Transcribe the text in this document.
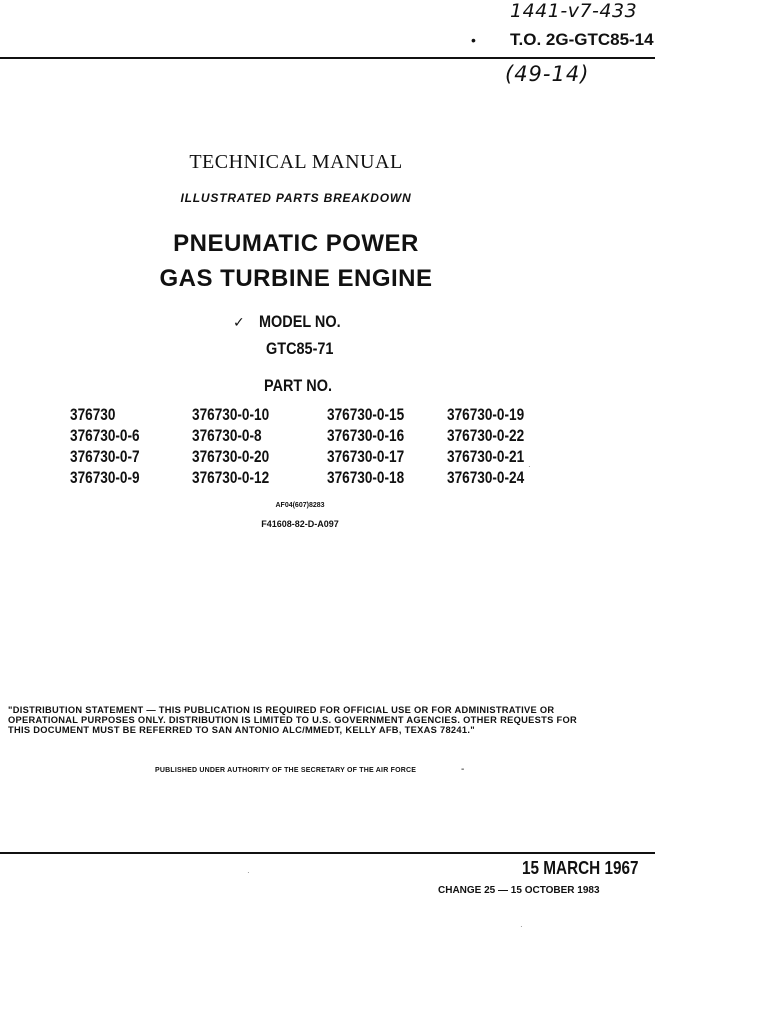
1441-v7-433
• T.O. 2G-GTC85-14
(49-14)
TECHNICAL MANUAL
ILLUSTRATED PARTS BREAKDOWN
PNEUMATIC POWER
GAS TURBINE ENGINE
✓ MODEL NO.
GTC85-71
PART NO.
376730
376730-0-6
376730-0-7
376730-0-9
376730-0-10
376730-0-8
376730-0-20
376730-0-12
376730-0-15
376730-0-16
376730-0-17
376730-0-18
376730-0-19
376730-0-22
376730-0-21
376730-0-24
AF04(607)8283
F41608-82-D-A097
"DISTRIBUTION STATEMENT — THIS PUBLICATION IS REQUIRED FOR OFFICIAL USE OR FOR ADMINISTRATIVE OR OPERATIONAL PURPOSES ONLY. DISTRIBUTION IS LIMITED TO U.S. GOVERNMENT AGENCIES. OTHER REQUESTS FOR THIS DOCUMENT MUST BE REFERRED TO SAN ANTONIO ALC/MMEDT, KELLY AFB, TEXAS 78241."
PUBLISHED UNDER AUTHORITY OF THE SECRETARY OF THE AIR FORCE	-
15 MARCH 1967
CHANGE 25 — 15 OCTOBER 1983
·
·
·
